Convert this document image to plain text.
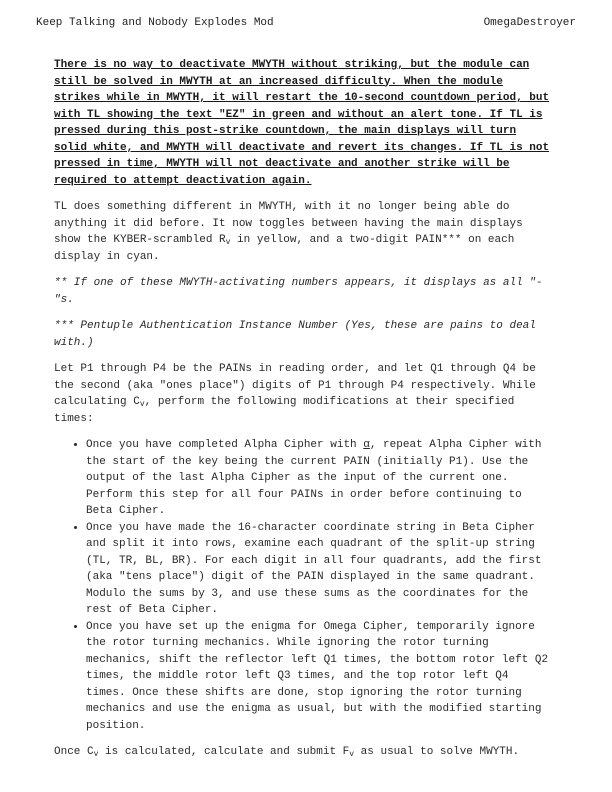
Keep Talking and Nobody Explodes Mod	OmegaDestroyer

There is no way to deactivate MWYTH without striking, but the module can still be solved in MWYTH at an increased difficulty. When the module strikes while in MWYTH, it will restart the 10-second countdown period, but with TL showing the text "EZ" in green and without an alert tone. If TL is pressed during this post-strike countdown, the main displays will turn solid white, and MWYTH will deactivate and revert its changes. If TL is not pressed in time, MWYTH will not deactivate and another strike will be required to attempt deactivation again.

TL does something different in MWYTH, with it no longer being able do anything it did before. It now toggles between having the main displays show the KYBER-scrambled $R_v$ in yellow, and a two-digit PAIN*** on each display in cyan.

** If one of these MWYTH-activating numbers appears, it displays as all "-"s.

*** Pentuple Authentication Instance Number (Yes, these are pains to deal with.)

Let P1 through P4 be the PAINs in reading order, and let Q1 through Q4 be the second (aka "ones place") digits of P1 through P4 respectively. While calculating $C_v$, perform the following modifications at their specified times:

• Once you have completed Alpha Cipher with α, repeat Alpha Cipher with the start of the key being the current PAIN (initially P1). Use the output of the last Alpha Cipher as the input of the current one. Perform this step for all four PAINs in order before continuing to Beta Cipher.
• Once you have made the 16-character coordinate string in Beta Cipher and split it into rows, examine each quadrant of the split-up string (TL, TR, BL, BR). For each digit in all four quadrants, add the first (aka "tens place") digit of the PAIN displayed in the same quadrant. Modulo the sums by 3, and use these sums as the coordinates for the rest of Beta Cipher.
• Once you have set up the enigma for Omega Cipher, temporarily ignore the rotor turning mechanics. While ignoring the rotor turning mechanics, shift the reflector left Q1 times, the bottom rotor left Q2 times, the middle rotor left Q3 times, and the top rotor left Q4 times. Once these shifts are done, stop ignoring the rotor turning mechanics and use the enigma as usual, but with the modified starting position.

Once $C_v$ is calculated, calculate and submit $F_v$ as usual to solve MWYTH.
